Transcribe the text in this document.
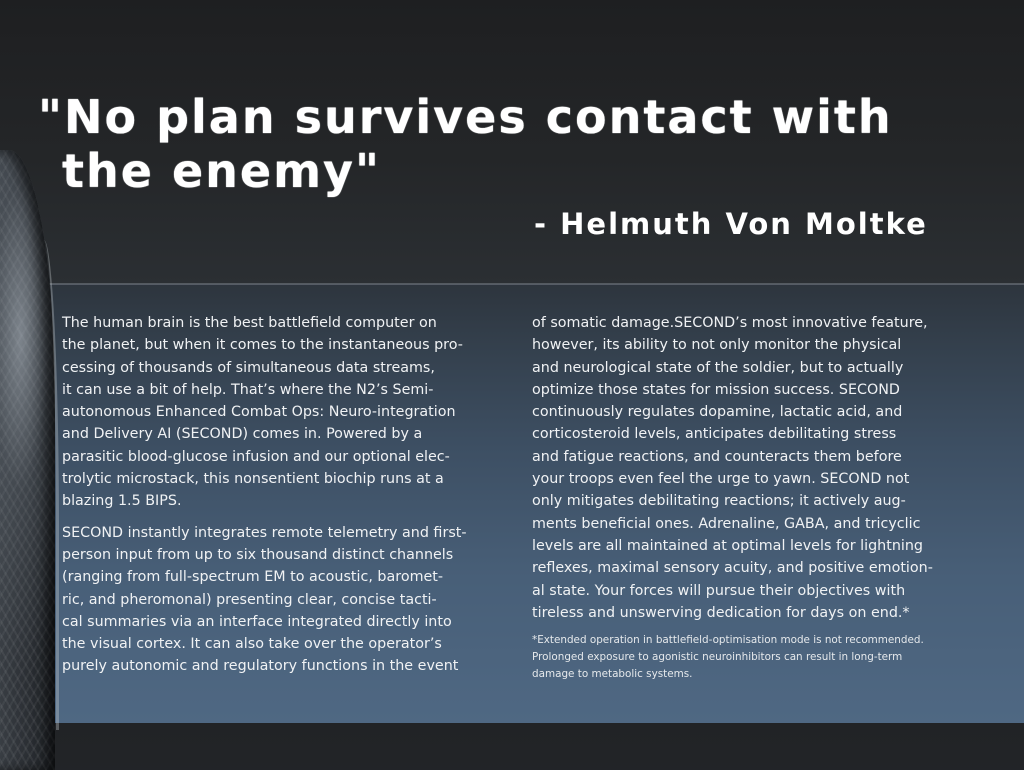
"No plan survives contact with
the enemy"

- Helmuth Von Moltke

The human brain is the best battlefield computer on
the planet, but when it comes to the instantaneous pro-
cessing of thousands of simultaneous data streams,
it can use a bit of help. That’s where the N2’s Semi-
autonomous Enhanced Combat Ops: Neuro-integration
and Delivery AI (SECOND) comes in. Powered by a
parasitic blood-glucose infusion and our optional elec-
trolytic microstack, this nonsentient biochip runs at a
blazing 1.5 BIPS.

SECOND instantly integrates remote telemetry and first-
person input from up to six thousand distinct channels
(ranging from full-spectrum EM to acoustic, baromet-
ric, and pheromonal) presenting clear, concise tacti-
cal summaries via an interface integrated directly into
the visual cortex. It can also take over the operator’s
purely autonomic and regulatory functions in the event

of somatic damage.SECOND’s most innovative feature,
however, its ability to not only monitor the physical
and neurological state of the soldier, but to actually
optimize those states for mission success. SECOND
continuously regulates dopamine, lactatic acid, and
corticosteroid levels, anticipates debilitating stress
and fatigue reactions, and counteracts them before
your troops even feel the urge to yawn. SECOND not
only mitigates debilitating reactions; it actively aug-
ments beneficial ones. Adrenaline, GABA, and tricyclic
levels are all maintained at optimal levels for lightning
reflexes, maximal sensory acuity, and positive emotion-
al state. Your forces will pursue their objectives with
tireless and unswerving dedication for days on end.*

*Extended operation in battlefield-optimisation mode is not recommended.
Prolonged exposure to agonistic neuroinhibitors can result in long-term
damage to metabolic systems.
